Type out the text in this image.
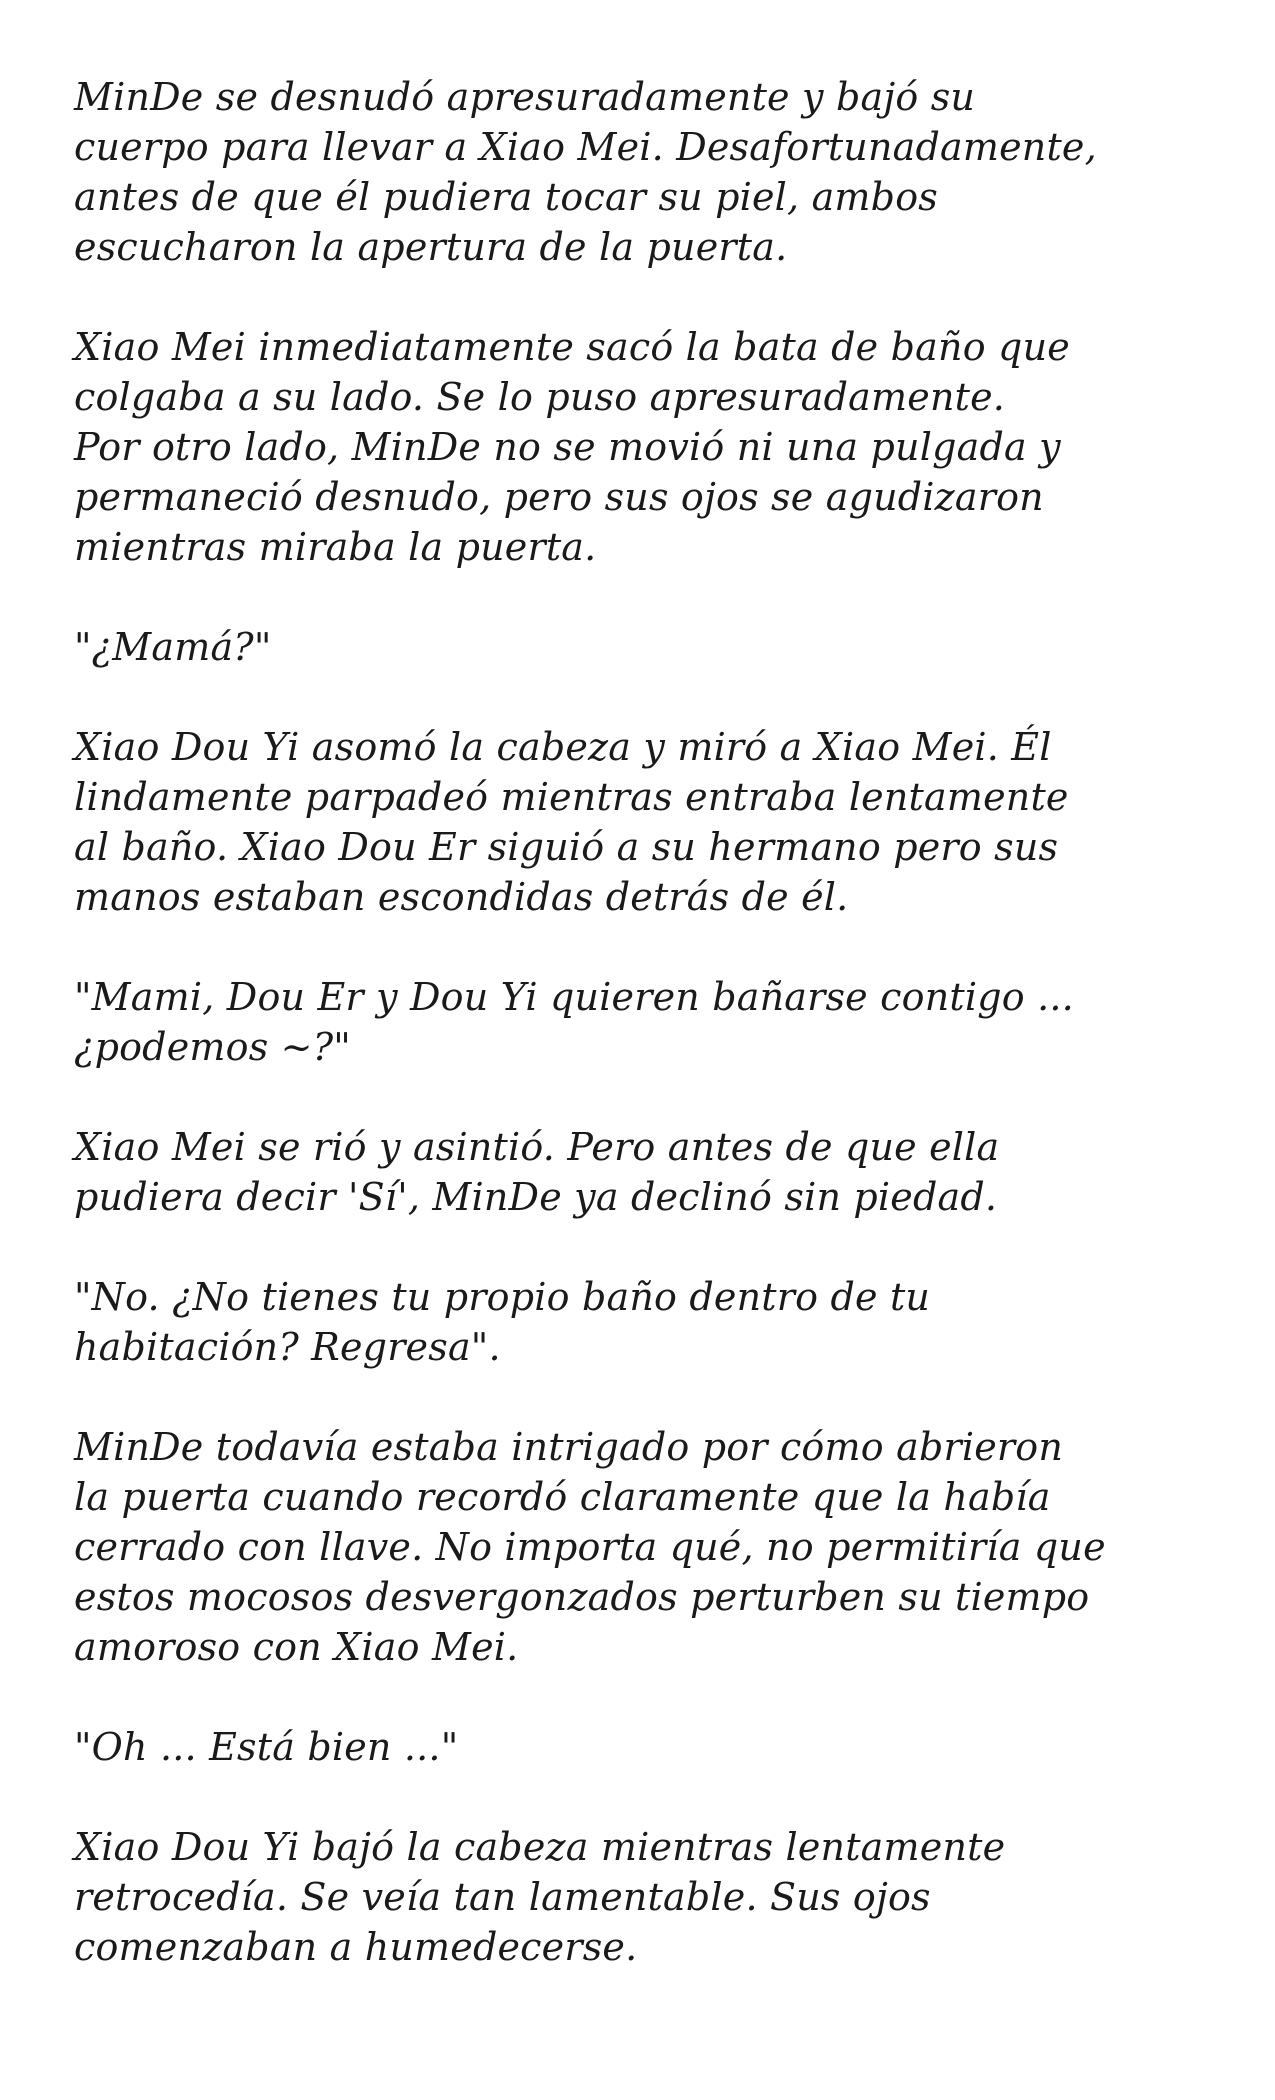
MinDe se desnudó apresuradamente y bajó su
cuerpo para llevar a Xiao Mei. Desafortunadamente,
antes de que él pudiera tocar su piel, ambos
escucharon la apertura de la puerta.

Xiao Mei inmediatamente sacó la bata de baño que
colgaba a su lado. Se lo puso apresuradamente.
Por otro lado, MinDe no se movió ni una pulgada y
permaneció desnudo, pero sus ojos se agudizaron
mientras miraba la puerta.

"¿Mamá?"

Xiao Dou Yi asomó la cabeza y miró a Xiao Mei. Él
lindamente parpadeó mientras entraba lentamente
al baño. Xiao Dou Er siguió a su hermano pero sus
manos estaban escondidas detrás de él.

"Mami, Dou Er y Dou Yi quieren bañarse contigo ...
¿podemos ~?"

Xiao Mei se rió y asintió. Pero antes de que ella
pudiera decir 'Sí', MinDe ya declinó sin piedad.

"No. ¿No tienes tu propio baño dentro de tu
habitación? Regresa".

MinDe todavía estaba intrigado por cómo abrieron
la puerta cuando recordó claramente que la había
cerrado con llave. No importa qué, no permitiría que
estos mocosos desvergonzados perturben su tiempo
amoroso con Xiao Mei.

"Oh ... Está bien ..."

Xiao Dou Yi bajó la cabeza mientras lentamente
retrocedía. Se veía tan lamentable. Sus ojos
comenzaban a humedecerse.
